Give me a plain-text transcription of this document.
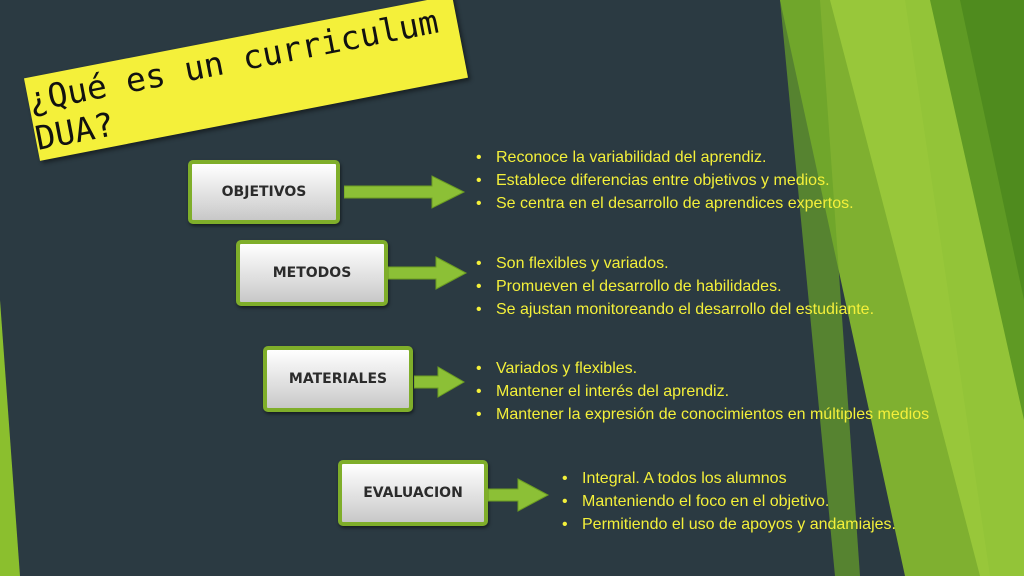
¿Qué es un curriculum DUA?
OBJETIVOS
• Reconoce la variabilidad del aprendiz.
• Establece diferencias entre objetivos y medios.
• Se centra en el desarrollo de aprendices expertos.
METODOS
• Son flexibles y variados.
• Promueven el desarrollo de habilidades.
• Se ajustan monitoreando el desarrollo del estudiante.
MATERIALES
• Variados y flexibles.
• Mantener el interés del aprendiz.
• Mantener la expresión de conocimientos en múltiples medios
EVALUACION
• Integral. A todos los alumnos
• Manteniendo el foco en el objetivo.
• Permitiendo el uso de apoyos y andamiajes.
